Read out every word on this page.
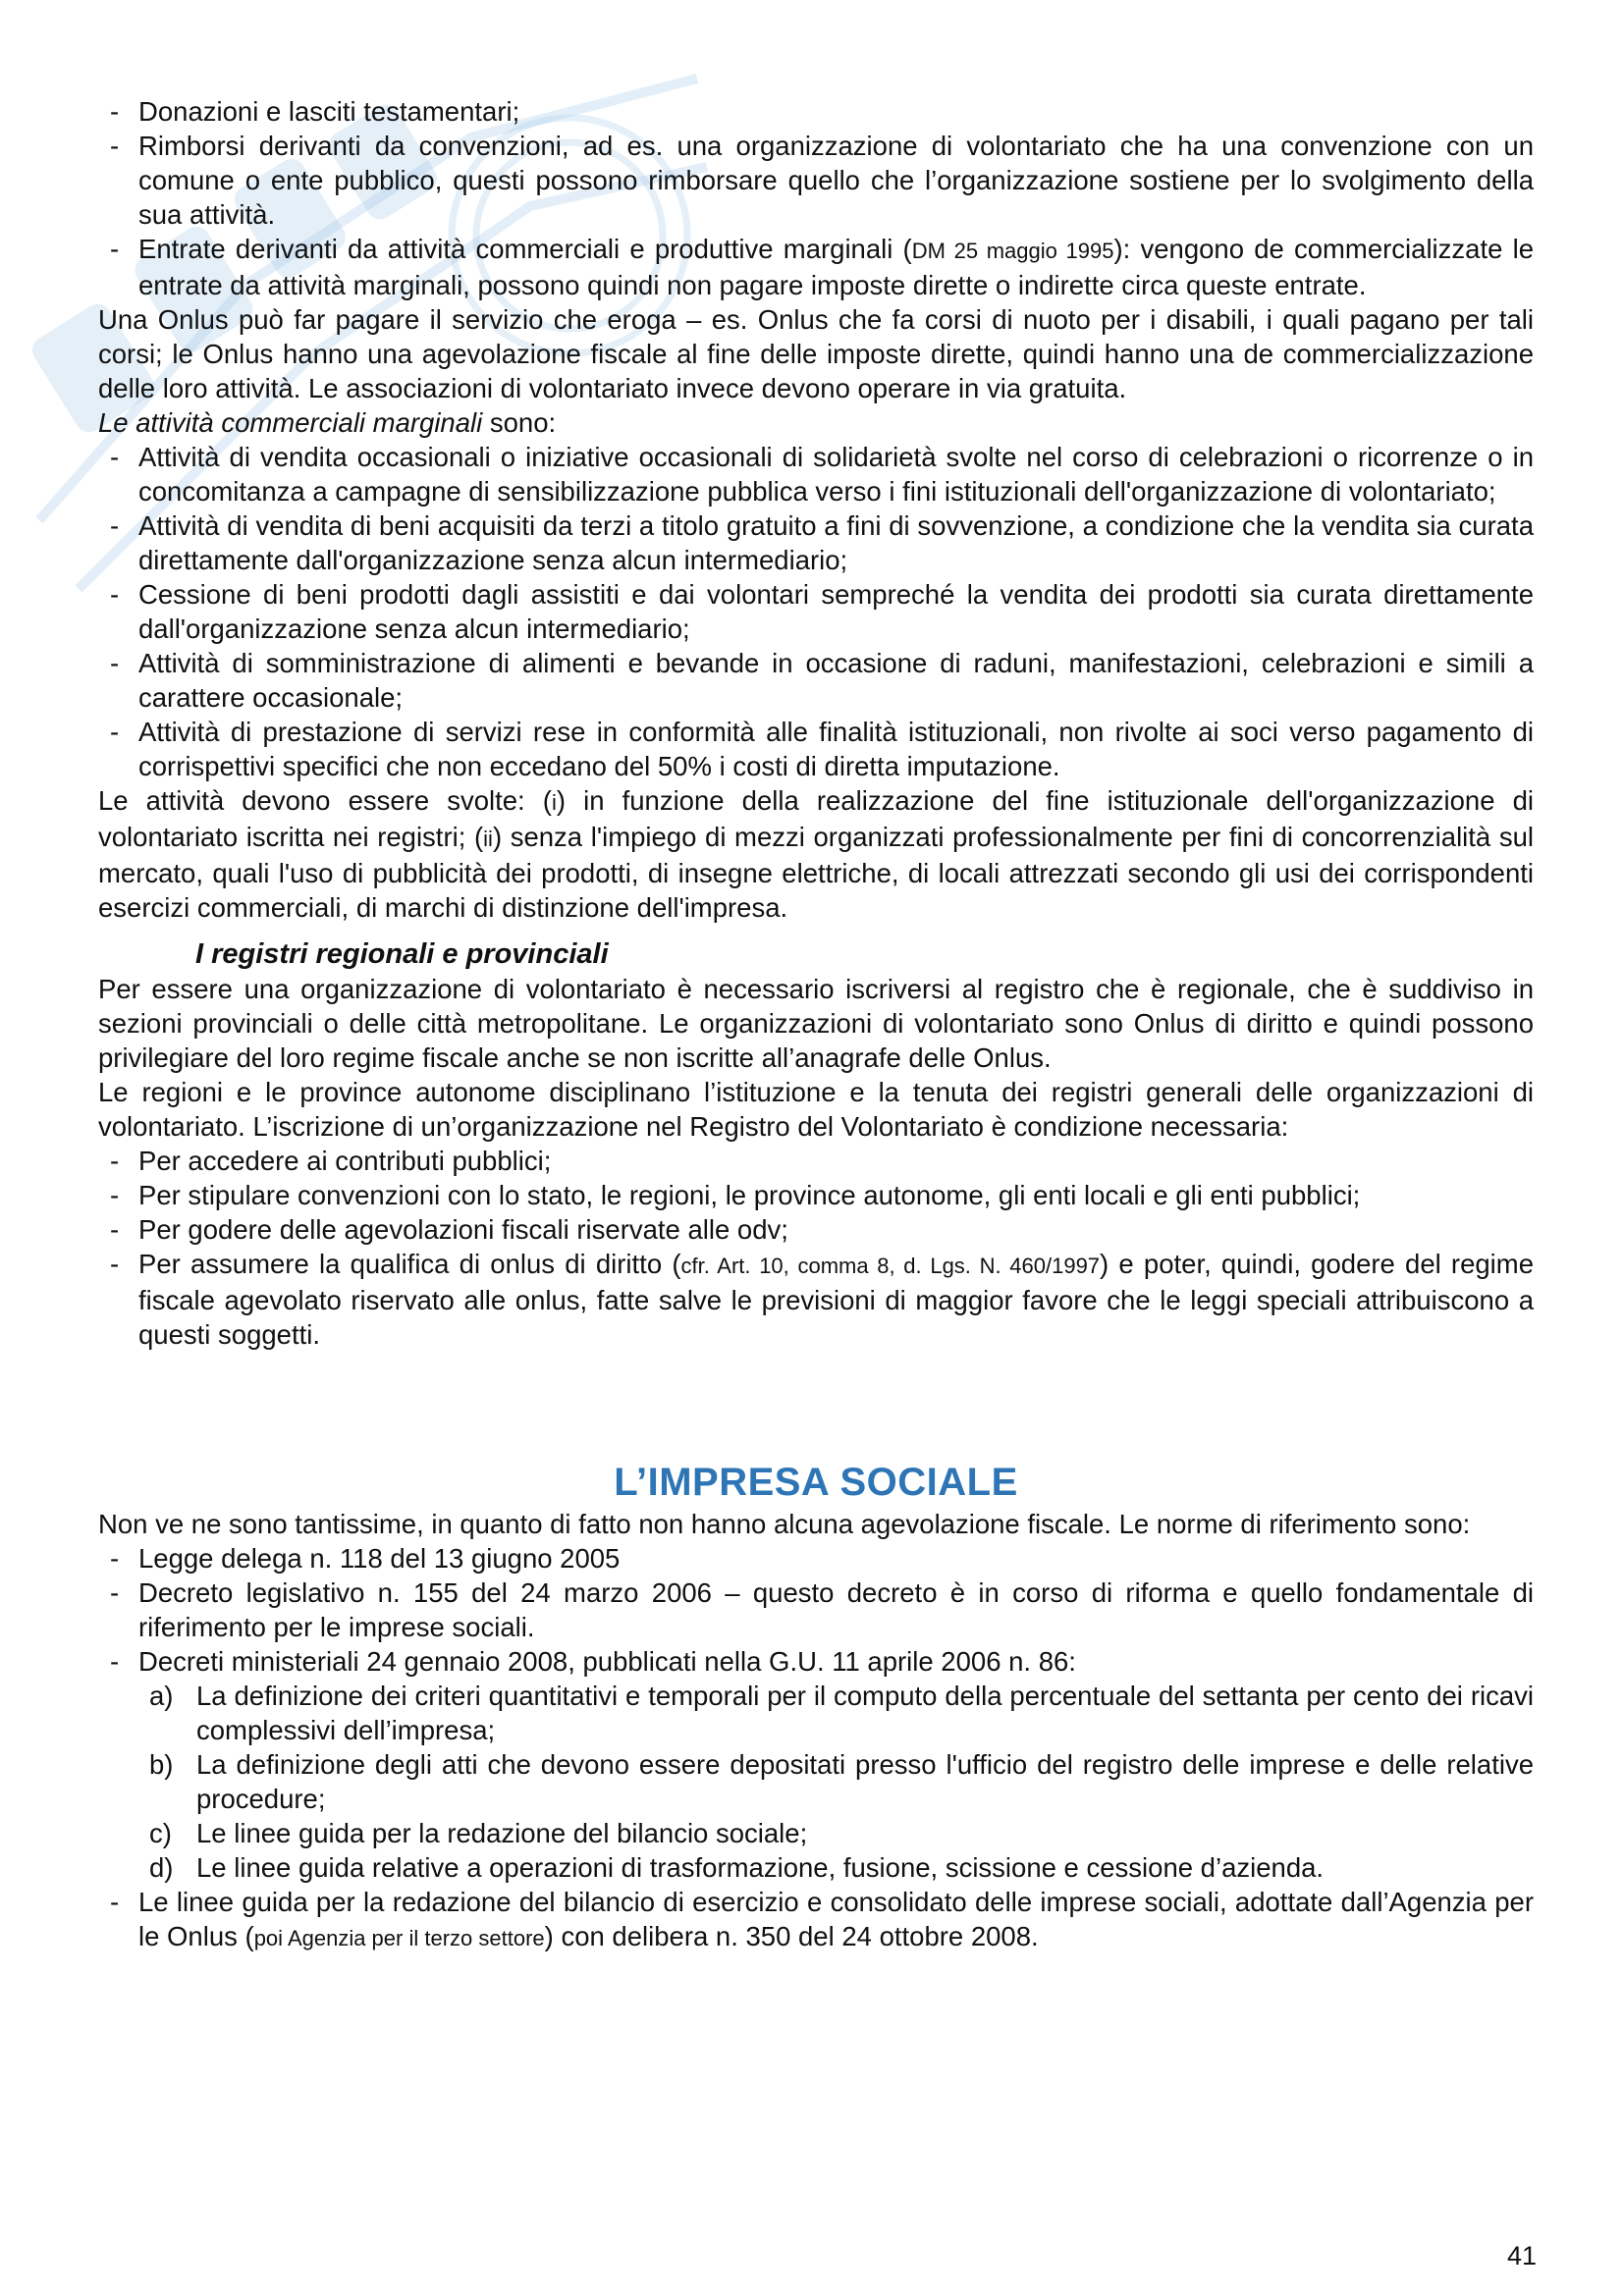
- Donazioni e lasciti testamentari;
- Rimborsi derivanti da convenzioni, ad es. una organizzazione di volontariato che ha una convenzione con un comune o ente pubblico, questi possono rimborsare quello che l’organizzazione sostiene per lo svolgimento della sua attività.
- Entrate derivanti da attività commerciali e produttive marginali (DM 25 maggio 1995): vengono de commercializzate le entrate da attività marginali, possono quindi non pagare imposte dirette o indirette circa queste entrate.

Una Onlus può far pagare il servizio che eroga – es. Onlus che fa corsi di nuoto per i disabili, i quali pagano per tali corsi; le Onlus hanno una agevolazione fiscale al fine delle imposte dirette, quindi hanno una de commercializzazione delle loro attività. Le associazioni di volontariato invece devono operare in via gratuita.

Le attività commerciali marginali sono:

- Attività di vendita occasionali o iniziative occasionali di solidarietà svolte nel corso di celebrazioni o ricorrenze o in concomitanza a campagne di sensibilizzazione pubblica verso i fini istituzionali dell'organizzazione di volontariato;
- Attività di vendita di beni acquisiti da terzi a titolo gratuito a fini di sovvenzione, a condizione che la vendita sia curata direttamente dall'organizzazione senza alcun intermediario;
- Cessione di beni prodotti dagli assistiti e dai volontari sempreché la vendita dei prodotti sia curata direttamente dall'organizzazione senza alcun intermediario;
- Attività di somministrazione di alimenti e bevande in occasione di raduni, manifestazioni, celebrazioni e simili a carattere occasionale;
- Attività di prestazione di servizi rese in conformità alle finalità istituzionali, non rivolte ai soci verso pagamento di corrispettivi specifici che non eccedano del 50% i costi di diretta imputazione.

Le attività devono essere svolte: (i) in funzione della realizzazione del fine istituzionale dell'organizzazione di volontariato iscritta nei registri; (ii) senza l'impiego di mezzi organizzati professionalmente per fini di concorrenzialità sul mercato, quali l'uso di pubblicità dei prodotti, di insegne elettriche, di locali attrezzati secondo gli usi dei corrispondenti esercizi commerciali, di marchi di distinzione dell'impresa.

I registri regionali e provinciali

Per essere una organizzazione di volontariato è necessario iscriversi al registro che è regionale, che è suddiviso in sezioni provinciali o delle città metropolitane. Le organizzazioni di volontariato sono Onlus di diritto e quindi possono privilegiare del loro regime fiscale anche se non iscritte all’anagrafe delle Onlus.

Le regioni e le province autonome disciplinano l’istituzione e la tenuta dei registri generali delle organizzazioni di volontariato. L’iscrizione di un’organizzazione nel Registro del Volontariato è condizione necessaria:

- Per accedere ai contributi pubblici;
- Per stipulare convenzioni con lo stato, le regioni, le province autonome, gli enti locali e gli enti pubblici;
- Per godere delle agevolazioni fiscali riservate alle odv;
- Per assumere la qualifica di onlus di diritto (cfr. Art. 10, comma 8, d. Lgs. N. 460/1997) e poter, quindi, godere del regime fiscale agevolato riservato alle onlus, fatte salve le previsioni di maggior favore che le leggi speciali attribuiscono a questi soggetti.
L’IMPRESA SOCIALE

Non ve ne sono tantissime, in quanto di fatto non hanno alcuna agevolazione fiscale. Le norme di riferimento sono:

- Legge delega n. 118 del 13 giugno 2005
- Decreto legislativo n. 155 del 24 marzo 2006 – questo decreto è in corso di riforma e quello fondamentale di riferimento per le imprese sociali.
- Decreti ministeriali 24 gennaio 2008, pubblicati nella G.U. 11 aprile 2006 n. 86:
a) La definizione dei criteri quantitativi e temporali per il computo della percentuale del settanta per cento dei ricavi complessivi dell’impresa;
b) La definizione degli atti che devono essere depositati presso l'ufficio del registro delle imprese e delle relative procedure;
c) Le linee guida per la redazione del bilancio sociale;
d) Le linee guida relative a operazioni di trasformazione, fusione, scissione e cessione d’azienda.
- Le linee guida per la redazione del bilancio di esercizio e consolidato delle imprese sociali, adottate dall’Agenzia per le Onlus (poi Agenzia per il terzo settore) con delibera n. 350 del 24 ottobre 2008.
41
